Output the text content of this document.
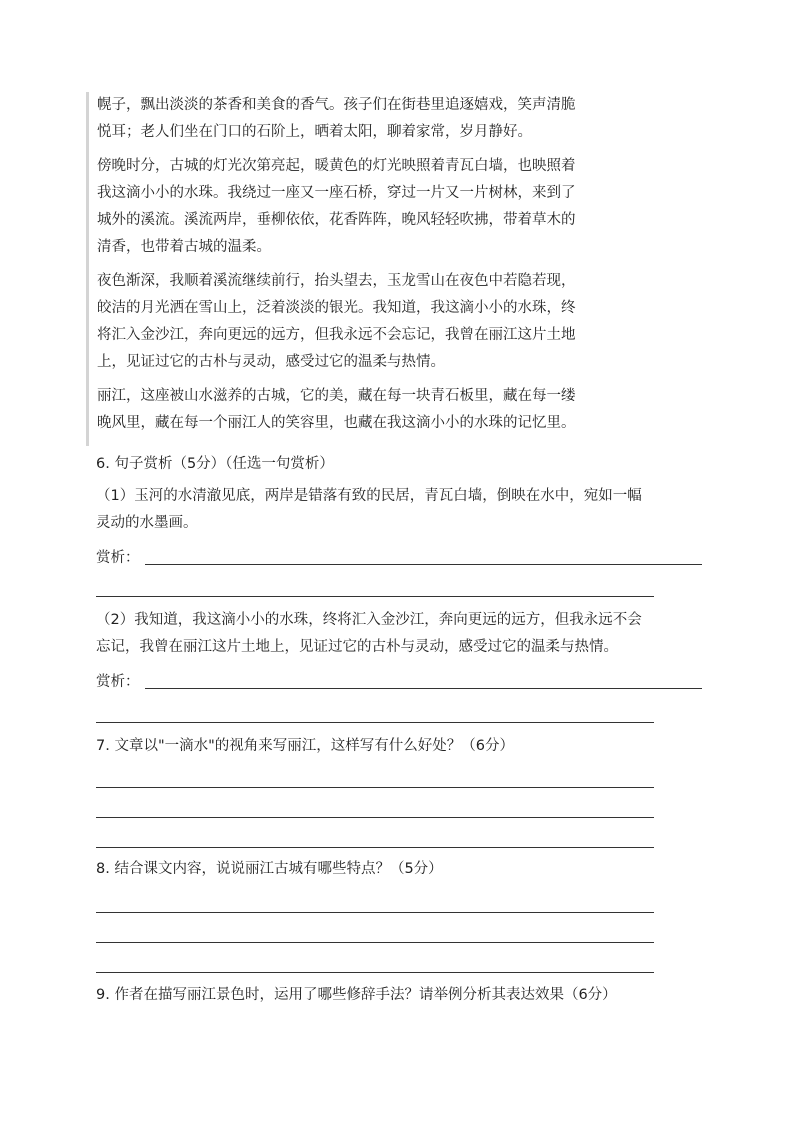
幌子，飘出淡淡的茶香和美食的香气。孩子们在街巷里追逐嬉戏，笑声清脆
悦耳；老人们坐在门口的石阶上，晒着太阳，聊着家常，岁月静好。

傍晚时分，古城的灯光次第亮起，暖黄色的灯光映照着青瓦白墙，也映照着
我这滴小小的水珠。我绕过一座又一座石桥，穿过一片又一片树林，来到了
城外的溪流。溪流两岸，垂柳依依，花香阵阵，晚风轻轻吹拂，带着草木的
清香，也带着古城的温柔。

夜色渐深，我顺着溪流继续前行，抬头望去，玉龙雪山在夜色中若隐若现，
皎洁的月光洒在雪山上，泛着淡淡的银光。我知道，我这滴小小的水珠，终
将汇入金沙江，奔向更远的远方，但我永远不会忘记，我曾在丽江这片土地
上，见证过它的古朴与灵动，感受过它的温柔与热情。

丽江，这座被山水滋养的古城，它的美，藏在每一块青石板里，藏在每一缕
晚风里，藏在每一个丽江人的笑容里，也藏在我这滴小小的水珠的记忆里。

6. 句子赏析（5分）（任选一句赏析）
（1）玉河的水清澈见底，两岸是错落有致的民居，青瓦白墙，倒映在水中，宛如一幅
灵动的水墨画。
赏析：
（2）我知道，我这滴小小的水珠，终将汇入金沙江，奔向更远的远方，但我永远不会
忘记，我曾在丽江这片土地上，见证过它的古朴与灵动，感受过它的温柔与热情。
赏析：
7. 文章以"一滴水"的视角来写丽江，这样写有什么好处？（6分）
8. 结合课文内容，说说丽江古城有哪些特点？（5分）
9. 作者在描写丽江景色时，运用了哪些修辞手法？请举例分析其表达效果（6分）
